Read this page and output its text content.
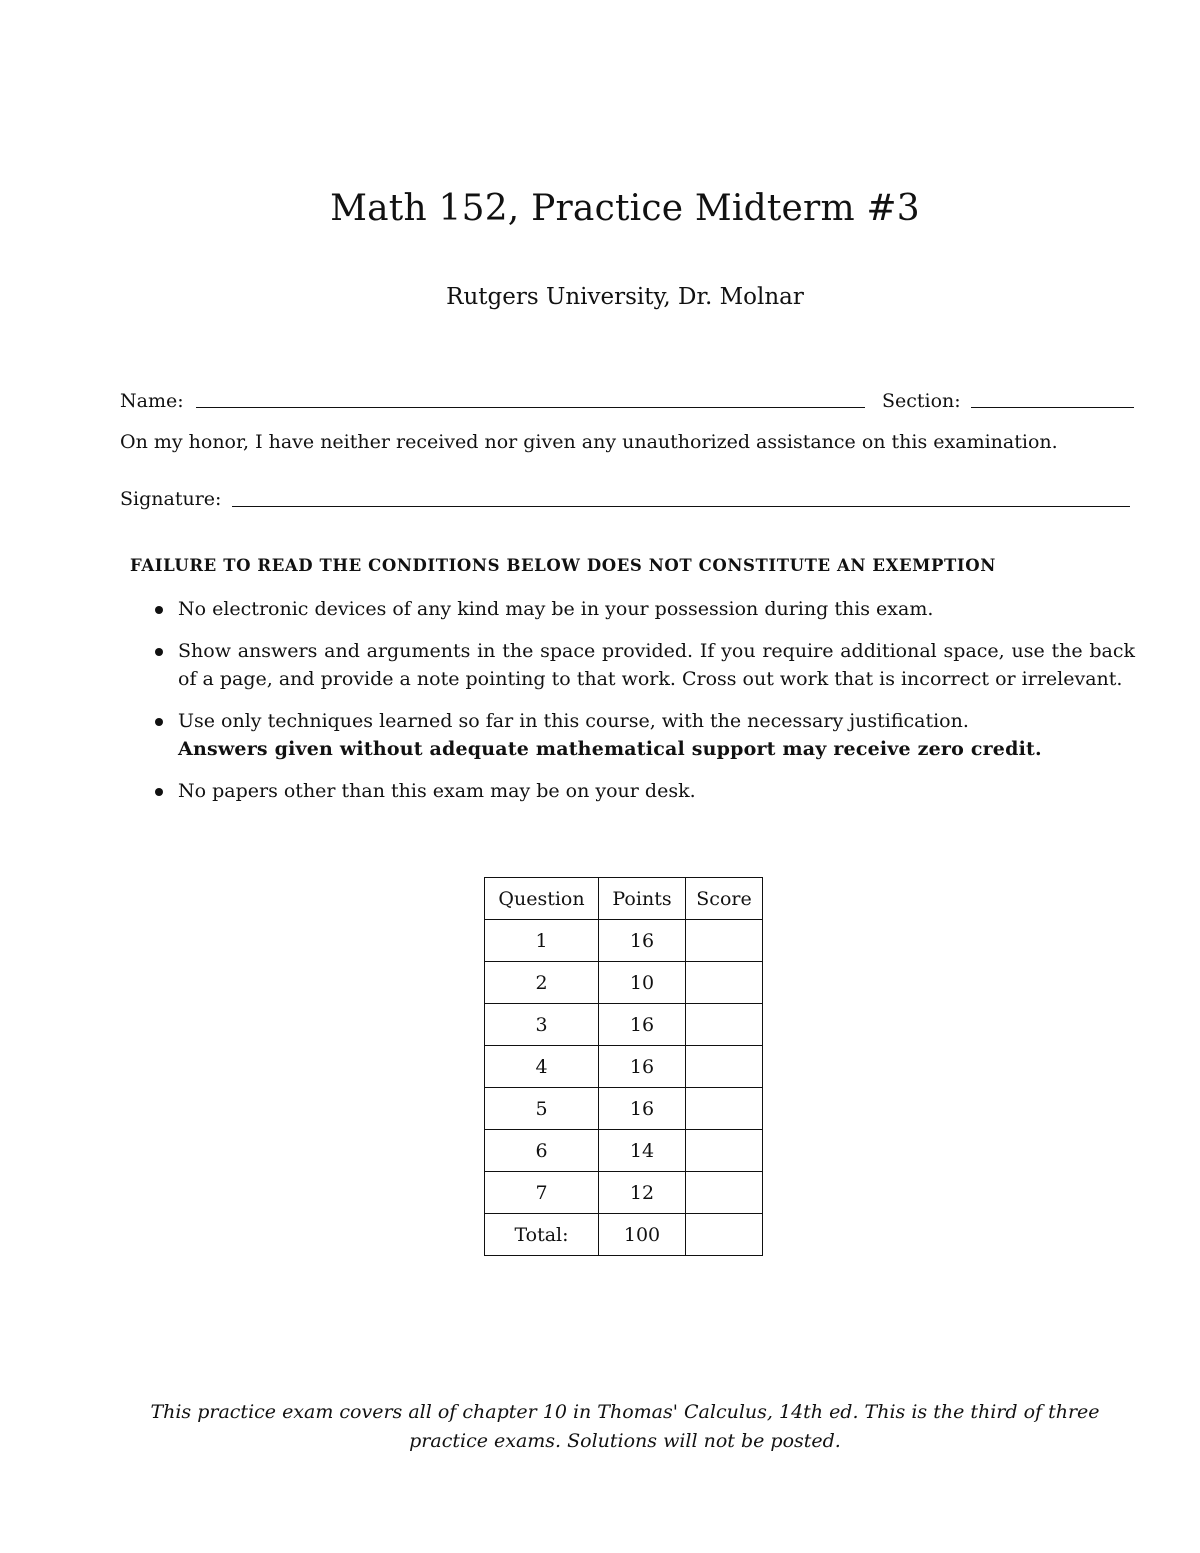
Math 152, Practice Midterm #3
Rutgers University, Dr. Molnar
Name:	Section:
On my honor, I have neither received nor given any unauthorized assistance on this examination.
Signature:
FAILURE TO READ THE CONDITIONS BELOW DOES NOT CONSTITUTE AN EXEMPTION
No electronic devices of any kind may be in your possession during this exam.
Show answers and arguments in the space provided. If you require additional space, use the back of a page, and provide a note pointing to that work. Cross out work that is incorrect or irrelevant.
Use only techniques learned so far in this course, with the necessary justification.
Answers given without adequate mathematical support may receive zero credit.
No papers other than this exam may be on your desk.
Question	Points	Score
1	16	
2	10	
3	16	
4	16	
5	16	
6	14	
7	12	
Total:	100	
This practice exam covers all of chapter 10 in Thomas' Calculus, 14th ed. This is the third of three practice exams. Solutions will not be posted.
